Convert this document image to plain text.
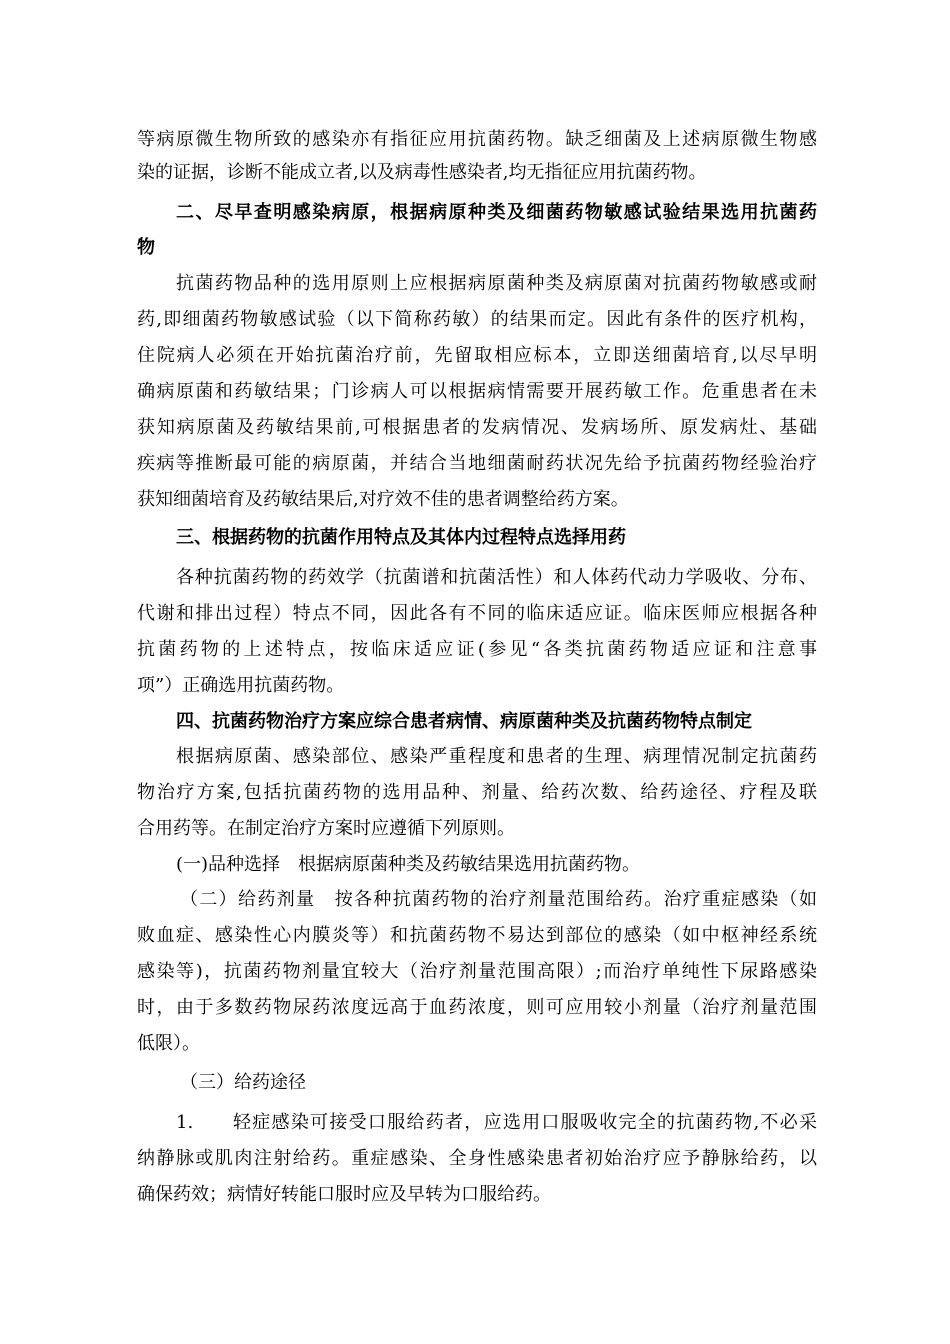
等病原微生物所致的感染亦有指征应用抗菌药物。缺乏细菌及上述病原微生物感
染的证据，诊断不能成立者,以及病毒性感染者,均无指征应用抗菌药物。
二、尽早查明感染病原，根据病原种类及细菌药物敏感试验结果选用抗菌药
物
抗菌药物品种的选用原则上应根据病原菌种类及病原菌对抗菌药物敏感或耐
药,即细菌药物敏感试验（以下简称药敏）的结果而定。因此有条件的医疗机构，
住院病人必须在开始抗菌治疗前，先留取相应标本，立即送细菌培育,以尽早明
确病原菌和药敏结果；门诊病人可以根据病情需要开展药敏工作。危重患者在未
获知病原菌及药敏结果前,可根据患者的发病情况、发病场所、原发病灶、基础
疾病等推断最可能的病原菌，并结合当地细菌耐药状况先给予抗菌药物经验治疗
获知细菌培育及药敏结果后,对疗效不佳的患者调整给药方案。
三、根据药物的抗菌作用特点及其体内过程特点选择用药
各种抗菌药物的药效学（抗菌谱和抗菌活性）和人体药代动力学吸收、分布、
代谢和排出过程）特点不同，因此各有不同的临床适应证。临床医师应根据各种
抗菌药物的上述特点，按临床适应证(参见“各类抗菌药物适应证和注意事
项”）正确选用抗菌药物。
四、抗菌药物治疗方案应综合患者病情、病原菌种类及抗菌药物特点制定
根据病原菌、感染部位、感染严重程度和患者的生理、病理情况制定抗菌药
物治疗方案,包括抗菌药物的选用品种、剂量、给药次数、给药途径、疗程及联
合用药等。在制定治疗方案时应遵循下列原则。
(一)品种选择　根据病原菌种类及药敏结果选用抗菌药物。
（二）给药剂量　按各种抗菌药物的治疗剂量范围给药。治疗重症感染（如
败血症、感染性心内膜炎等）和抗菌药物不易达到部位的感染（如中枢神经系统
感染等)，抗菌药物剂量宜较大（治疗剂量范围高限）;而治疗单纯性下尿路感染
时，由于多数药物尿药浓度远高于血药浓度，则可应用较小剂量（治疗剂量范围
低限）。
（三）给药途径
1.　　轻症感染可接受口服给药者，应选用口服吸收完全的抗菌药物,不必采
纳静脉或肌肉注射给药。重症感染、全身性感染患者初始治疗应予静脉给药，以
确保药效；病情好转能口服时应及早转为口服给药。
